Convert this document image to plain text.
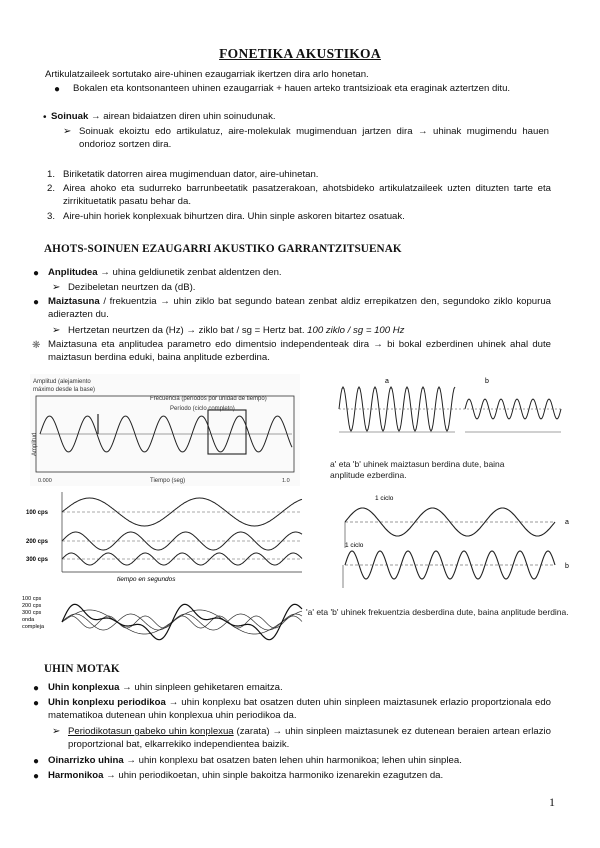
FONETIKA AKUSTIKOA
Artikulatzaileek sortutako aire-uhinen ezaugarriak ikertzen dira arlo honetan.
● Bokalen eta kontsonanteen uhinen ezaugarriak + hauen arteko trantsizioak eta eraginak aztertzen ditu.
• Soinuak → airean bidaiatzen diren uhin soinudunak.
➢ Soinuak ekoiztu edo artikulatuz, aire-molekulak mugimenduan jartzen dira → uhinak mugimendu hauen ondorioz sortzen dira.
1. Biriketatik datorren airea mugimenduan dator, aire-uhinetan.
2. Airea ahoko eta sudurreko barrunbeetatik pasatzerakoan, ahotsbideko artikulatzaileek uzten dituzten tarte eta zirrikituetatik pasatu behar da.
3. Aire-uhin horiek konplexuak bihurtzen dira. Uhin sinple askoren bitartez osatuak.
AHOTS-SOINUEN EZAUGARRI AKUSTIKO GARRANTZITSUENAK
● Anplitudea → uhina geldiunetik zenbat aldentzen den.
➢ Dezibeletan neurtzen da (dB).
● Maiztasuna / frekuentzia → uhin ziklo bat segundo batean zenbat aldiz errepikatzen den, segundoko ziklo kopurua adierazten du.
➢ Hertzetan neurtzen da (Hz) → ziklo bat / sg = Hertz bat. 100 ziklo / sg = 100 Hz
❋ Maiztasuna eta anplitudea parametro edo dimentsio independenteak dira → bi bokal ezberdinen uhinek ahal dute maiztasun berdina eduki, baina anplitude ezberdina.
Amplitud (alejamiento
máximo desde la base)
Frecuencia (períodos por unidad de tiempo)
Período (ciclo completo)
Amplitud
Tiempo (seg)
0.000	1.0
a	b
a' eta 'b' uhinek maiztasun berdina dute, baina anplitude ezberdina.
100 cps
200 cps
300 cps
tiempo en segundos
100 cps
200 cps
300 cps
onda
compleja
1 ciclo
1 ciclo
a
b
'a' eta 'b' uhinek frekuentzia desberdina dute, baina anplitude berdina.
UHIN MOTAK
● Uhin konplexua → uhin sinpleen gehiketaren emaitza.
● Uhin konplexu periodikoa → uhin konplexu bat osatzen duten uhin sinpleen maiztasunek erlazio proportzionala edo matematikoa dutenean uhin konplexua uhin periodikoa da.
➢ Periodikotasun gabeko uhin konplexua (zarata) → uhin sinpleen maiztasunek ez dutenean beraien artean erlazio proportzional bat, elkarrekiko independientea baizik.
● Oinarrizko uhina → uhin konplexu bat osatzen baten lehen uhin harmonikoa; lehen uhin sinplea.
● Harmonikoa → uhin periodikoetan, uhin sinple bakoitza harmoniko izenarekin ezagutzen da.
1
